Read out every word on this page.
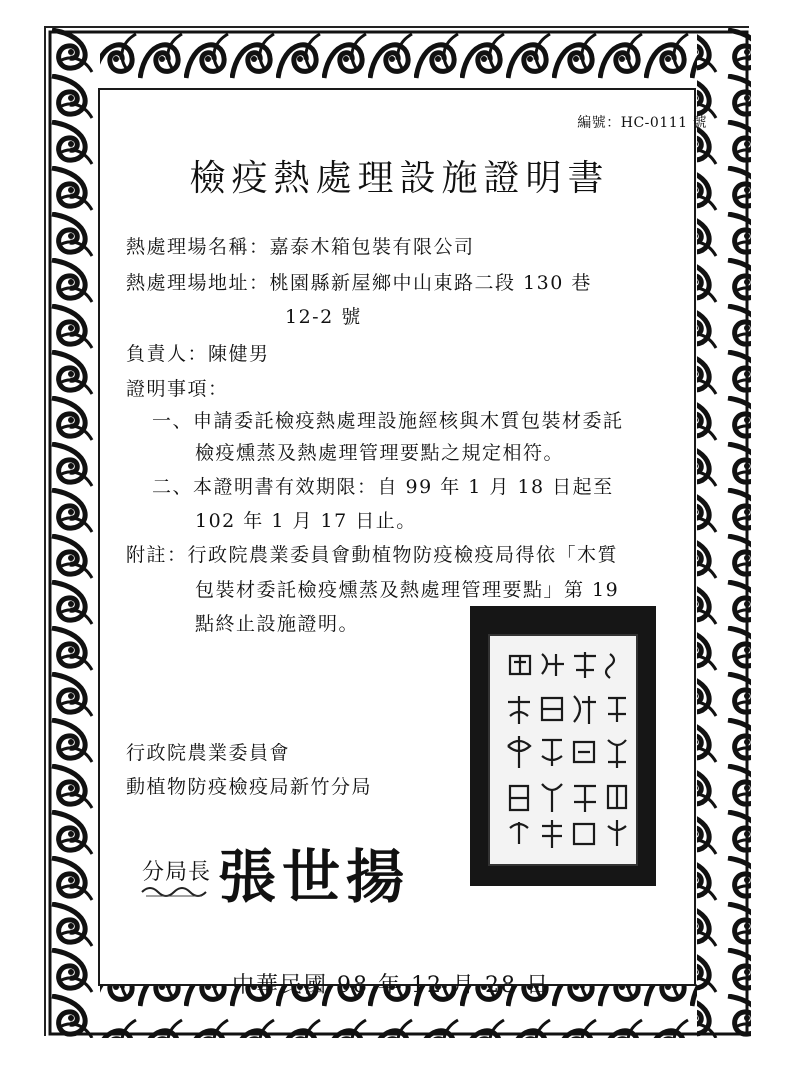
編號：HC-0111 號
檢疫熱處理設施證明書
熱處理場名稱：嘉泰木箱包裝有限公司
熱處理場地址：桃園縣新屋鄉中山東路二段 130 巷
12-2 號
負責人：陳健男
證明事項：
一、申請委託檢疫熱處理設施經核與木質包裝材委託
檢疫燻蒸及熱處理管理要點之規定相符。
二、本證明書有效期限：自 99 年 1 月 18 日起至
102 年 1 月 17 日止。
附註：行政院農業委員會動植物防疫檢疫局得依「木質
包裝材委託檢疫燻蒸及熱處理管理要點」第 19
點終止設施證明。
行政院農業委員會
動植物防疫檢疫局新竹分局
分局長 張世揚
中華民國 98 年 12 月 28 日
